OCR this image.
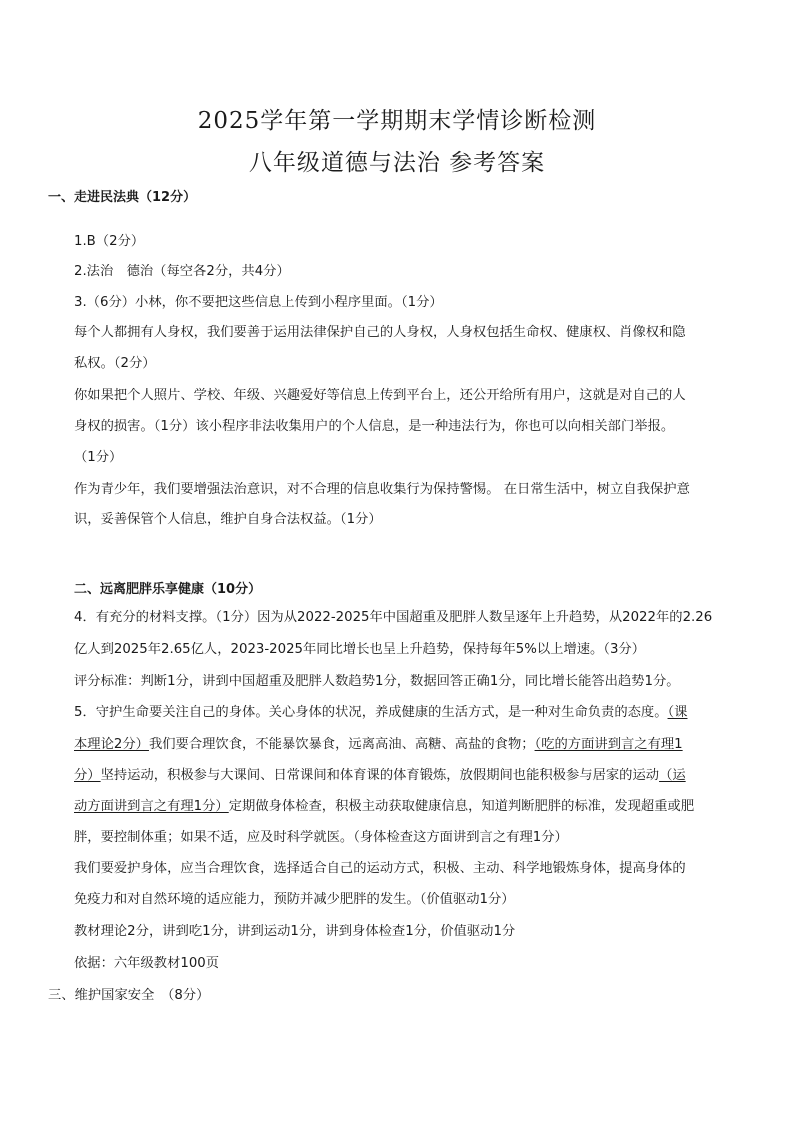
2025学年第一学期期末学情诊断检测
八年级道德与法治 参考答案
一、走进民法典（12分）
1.B（2分）
2.法治　德治（每空各2分，共4分）
3.（6分）小林，你不要把这些信息上传到小程序里面。（1分）
每个人都拥有人身权，我们要善于运用法律保护自己的人身权，人身权包括生命权、健康权、肖像权和隐
私权。（2分）
你如果把个人照片、学校、年级、兴趣爱好等信息上传到平台上，还公开给所有用户，这就是对自己的人
身权的损害。（1分）该小程序非法收集用户的个人信息，是一种违法行为，你也可以向相关部门举报。
（1分）
作为青少年，我们要增强法治意识，对不合理的信息收集行为保持警惕。 在日常生活中，树立自我保护意
识，妥善保管个人信息，维护自身合法权益。（1分）
二、远离肥胖乐享健康（10分）
4．有充分的材料支撑。（1分）因为从2022-2025年中国超重及肥胖人数呈逐年上升趋势，从2022年的2.26
亿人到2025年2.65亿人，2023-2025年同比增长也呈上升趋势，保持每年5%以上增速。（3分）
评分标准：判断1分，讲到中国超重及肥胖人数趋势1分，数据回答正确1分，同比增长能答出趋势1分。
5．守护生命要关注自己的身体。关心身体的状况，养成健康的生活方式，是一种对生命负责的态度。（课
本理论2分）我们要合理饮食，不能暴饮暴食，远离高油、高糖、高盐的食物；（吃的方面讲到言之有理1
分）坚持运动，积极参与大课间、日常课间和体育课的体育锻炼，放假期间也能积极参与居家的运动（运
动方面讲到言之有理1分）定期做身体检查，积极主动获取健康信息，知道判断肥胖的标准，发现超重或肥
胖，要控制体重；如果不适，应及时科学就医。（身体检查这方面讲到言之有理1分）
我们要爱护身体，应当合理饮食，选择适合自己的运动方式，积极、主动、科学地锻炼身体，提高身体的
免疫力和对自然环境的适应能力，预防并减少肥胖的发生。（价值驱动1分）
教材理论2分，讲到吃1分，讲到运动1分，讲到身体检查1分，价值驱动1分
依据：六年级教材100页
三、维护国家安全　（8分）
